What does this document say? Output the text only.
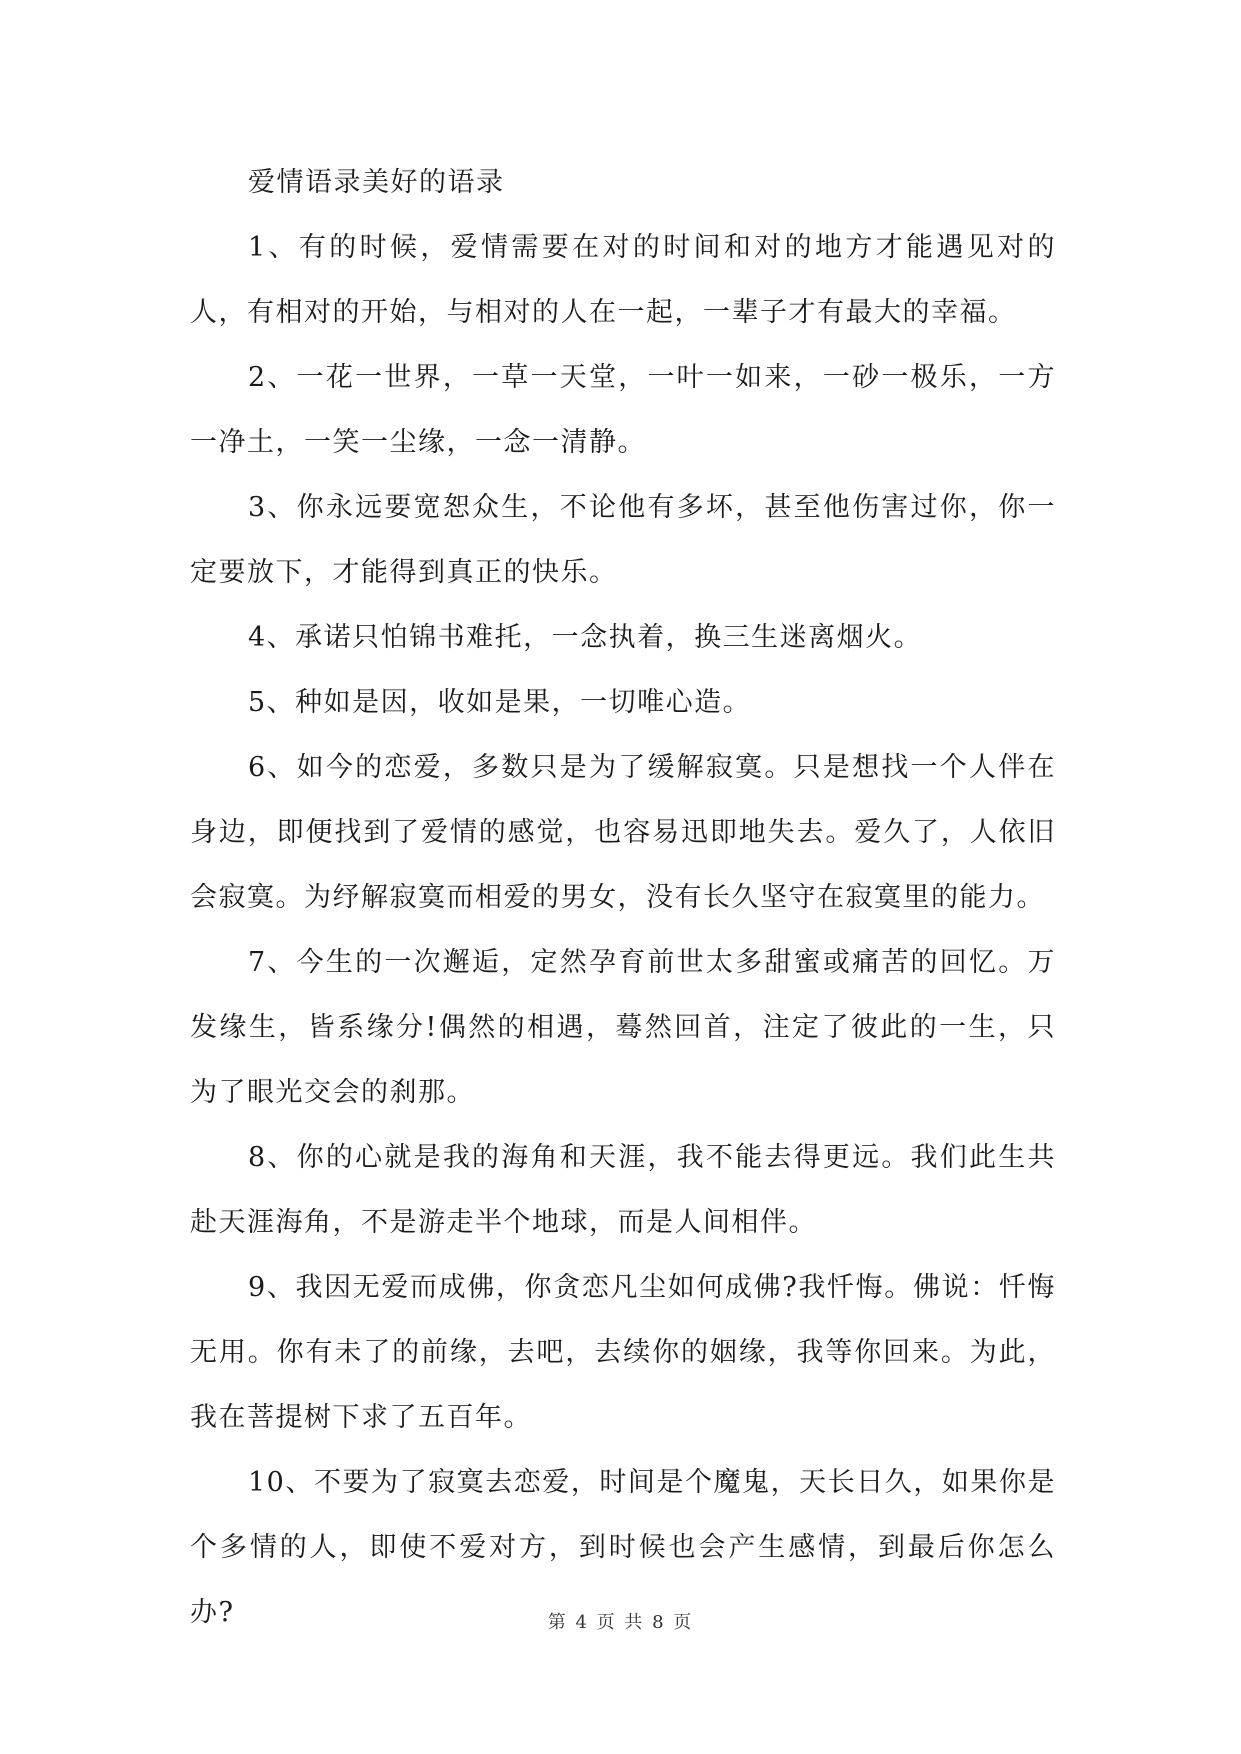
爱情语录美好的语录

1、有的时候，爱情需要在对的时间和对的地方才能遇见对的人，有相对的开始，与相对的人在一起，一辈子才有最大的幸福。

2、一花一世界，一草一天堂，一叶一如来，一砂一极乐，一方一净土，一笑一尘缘，一念一清静。

3、你永远要宽恕众生，不论他有多坏，甚至他伤害过你，你一定要放下，才能得到真正的快乐。

4、承诺只怕锦书难托，一念执着，换三生迷离烟火。

5、种如是因，收如是果，一切唯心造。

6、如今的恋爱，多数只是为了缓解寂寞。只是想找一个人伴在身边，即便找到了爱情的感觉，也容易迅即地失去。爱久了，人依旧会寂寞。为纾解寂寞而相爱的男女，没有长久坚守在寂寞里的能力。

7、今生的一次邂逅，定然孕育前世太多甜蜜或痛苦的回忆。万发缘生，皆系缘分!偶然的相遇，蓦然回首，注定了彼此的一生，只为了眼光交会的刹那。

8、你的心就是我的海角和天涯，我不能去得更远。我们此生共赴天涯海角，不是游走半个地球，而是人间相伴。

9、我因无爱而成佛，你贪恋凡尘如何成佛?我忏悔。佛说：忏悔无用。你有未了的前缘，去吧，去续你的姻缘，我等你回来。为此，我在菩提树下求了五百年。

10、不要为了寂寞去恋爱，时间是个魔鬼，天长日久，如果你是个多情的人，即使不爱对方，到时候也会产生感情，到最后你怎么办?	第 4 页 共 8 页
